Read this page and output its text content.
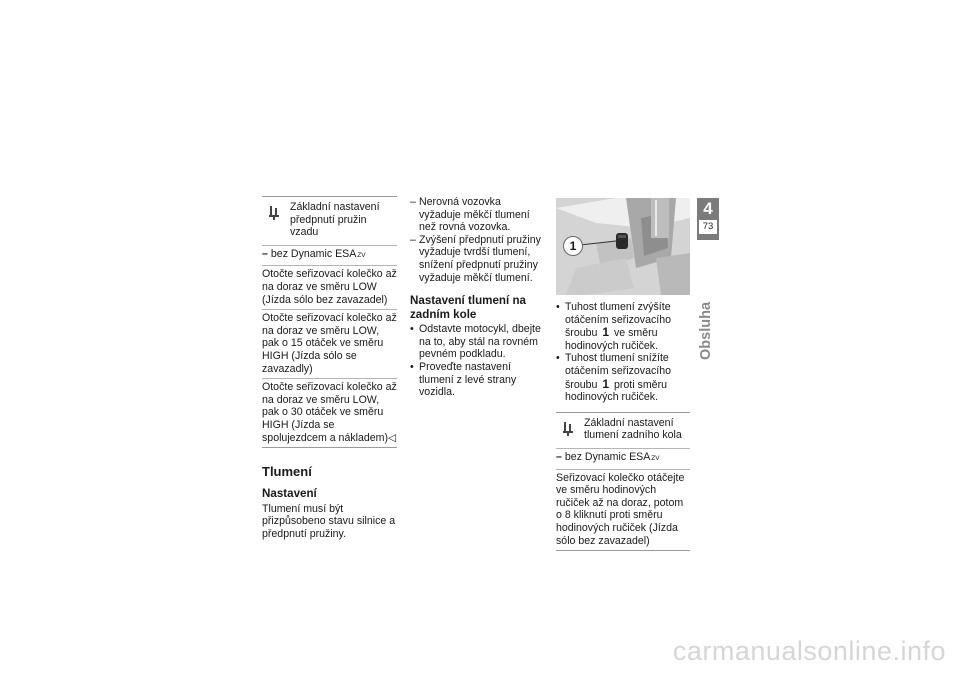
Základní nastavení předpnutí pružin vzadu
– bez Dynamic ESA ZV
Otočte seřizovací kolečko až na doraz ve směru LOW (Jízda sólo bez zavazadel)
Otočte seřizovací kolečko až na doraz ve směru LOW, pak o 15 otáček ve směru HIGH (Jízda sólo se zavazadly)
Otočte seřizovací kolečko až na doraz ve směru LOW, pak o 30 otáček ve směru HIGH (Jízda se spolujezdcem a nákladem)◁
Tlumení
Nastavení

Tlumení musí být přizpůsobeno stavu silnice a předpnutí pružiny.

– Nerovná vozovka vyžaduje měkčí tlumení než rovná vozovka.
– Zvýšení předpnutí pružiny vyžaduje tvrdší tlumení, snížení předpnutí pružiny vyžaduje měkčí tlumení.
Nastavení tlumení na zadním kole
• Odstavte motocykl, dbejte na to, aby stál na rovném pevném podkladu.
• Proveďte nastavení tlumení z levé strany vozidla.
1
• Tuhost tlumení zvýšíte otáčením seřizovacího šroubu 1 ve směru hodinových ručiček.
• Tuhost tlumení snížíte otáčením seřizovacího šroubu 1 proti směru hodinových ručiček.
Základní nastavení tlumení zadního kola
– bez Dynamic ESA ZV
Seřizovací kolečko otáčejte ve směru hodinových ručiček až na doraz, potom o 8 kliknutí proti směru hodinových ručiček (Jízda sólo bez zavazadel)
4
73
Obsluha
carmanualsonline.info
